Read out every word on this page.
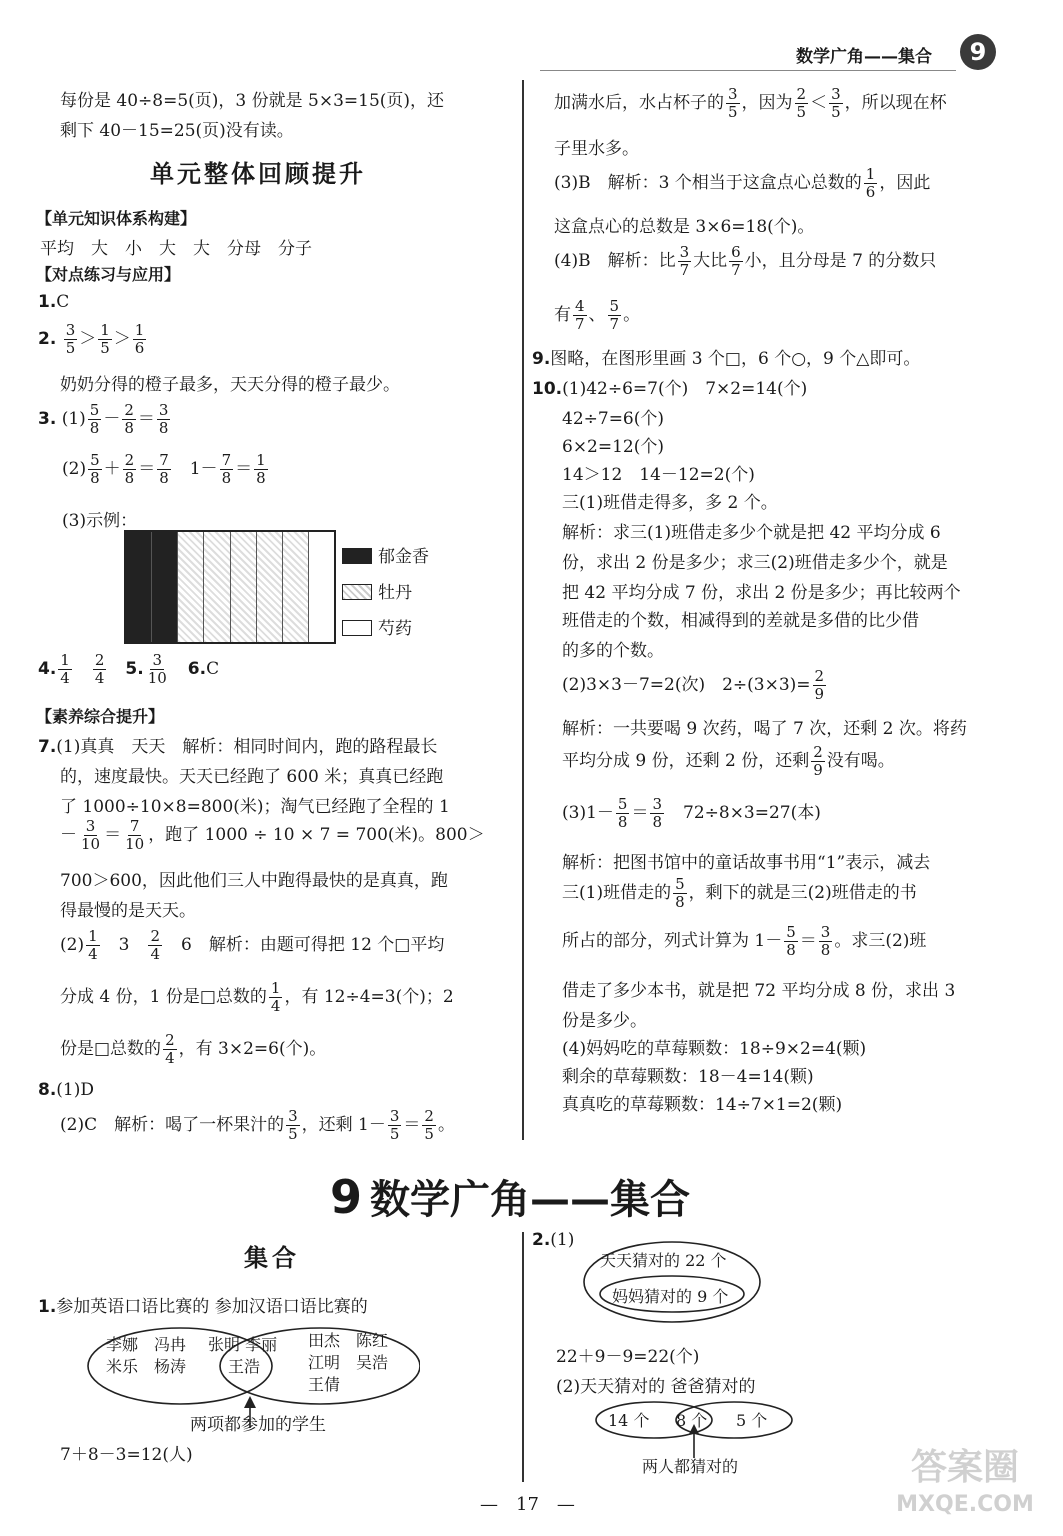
数学广角——集合	9
每份是 40÷8=5(页)，3 份就是 5×3=15(页)，还
剩下 40－15=25(页)没有读。
单元整体回顾提升
【单元知识体系构建】
平均　大　小　大　大　分母　分子
【对点练习与应用】
1.C
2. $\frac{3}{5} > \frac{1}{5} > \frac{1}{6}$
奶奶分得的橙子最多，天天分得的橙子最少。
3. $(1) \frac{5}{8} - \frac{2}{8} = \frac{3}{8}$
$(2) \frac{5}{8} + \frac{2}{8} = \frac{7}{8}$ 　$1- \frac{7}{8} = \frac{1}{8}$
(3)示例：
郁金香
牡丹
芍药
4. $\frac{1}{4}$
　 $\frac{2}{4}$
　 5. $\frac{3}{10}$
　 6.C
【素养综合提升】
7.(1)真真　天天　解析：相同时间内，跑的路程最长
的，速度最快。天天已经跑了 600 米；真真已经跑
了 1000÷10×8=800(米)；淘气已经跑了全程的 1
－ $\frac{3}{10} = \frac{7}{10}$ ，跑了 1000 ÷ 10 × 7 = 700(米)。800＞
700＞600，因此他们三人中跑得最快的是真真，跑
得最慢的是天天。
$(2) \frac{1}{4}$
　 3　 $\frac{2}{4}$
　 6　 解析：由题可得把 12 个□平均
分成 4 份，1 份是□总数的 $\frac{1}{4}$ ，有 12÷4=3(个)；2
份是□总数的 $\frac{2}{4}$ ，有 3×2=6(个)。
8.(1)D
(2)C　解析：喝了一杯果汁的 $\frac{3}{5}$ ，还剩 $1- \frac{3}{5} = \frac{2}{5}$ 。
加满水后，水占杯子的 $\frac{3}{5}$ ，因为 $\frac{2}{5} < \frac{3}{5}$ ，所以现在杯
子里水多。
(3)B　解析：3 个相当于这盒点心总数的 $\frac{1}{6}$ ，因此
这盒点心的总数是 3×6=18(个)。
(4)B　解析：比 $\frac{3}{7}$ 大比 $\frac{6}{7}$ 小，且分母是 7 的分数只
有 $\frac{4}{7}$ 、 $\frac{5}{7}$ 。
9.图略，在图形里画 3 个□，6 个○，9 个△即可。
10.(1)42÷6=7(个)　7×2=14(个)
42÷7=6(个)
6×2=12(个)
14＞12　14－12=2(个)
三(1)班借走得多，多 2 个。
解析：求三(1)班借走多少个就是把 42 平均分成 6
份，求出 2 份是多少；求三(2)班借走多少个，就是
把 42 平均分成 7 份，求出 2 份是多少；再比较两个
班借走的个数，相减得到的差就是多借的比少借
的多的个数。
(2)3×3－7=2(次)　$2\div(3\times 3)= \frac{2}{9}$
解析：一共要喝 9 次药，喝了 7 次，还剩 2 次。将药
平均分成 9 份，还剩 2 份，还剩 $\frac{2}{9}$ 没有喝。
$(3)1- \frac{5}{8} = \frac{3}{8}$ 　72÷8×3=27(本)
解析：把图书馆中的童话故事书用“1”表示，减去
三(1)班借走的 $\frac{5}{8}$ ，剩下的就是三(2)班借走的书
所占的部分，列式计算为 $1- \frac{5}{8} = \frac{3}{8}$ 。求三(2)班
借走了多少本书，就是把 72 平均分成 8 份，求出 3
份是多少。
(4)妈妈吃的草莓颗数：18÷9×2=4(颗)
剩余的草莓颗数：18－4=14(颗)
真真吃的草莓颗数：14÷7×1=2(颗)
9 数学广角——集合
集合
1.参加英语口语比赛的 参加汉语口语比赛的
李娜　 冯冉
米乐　 杨涛
张明 李丽
王浩
田杰　 陈红
江明　 吴浩
王倩
两项都参加的学生
7＋8－3=12(人)
2.(1)
天天猜对的 22 个
妈妈猜对的 9 个
22＋9－9=22(个)
(2)天天猜对的 爸爸猜对的
14 个 8 个 5 个
两人都猜对的
—　17　—
答案圈
MXQE.COM
